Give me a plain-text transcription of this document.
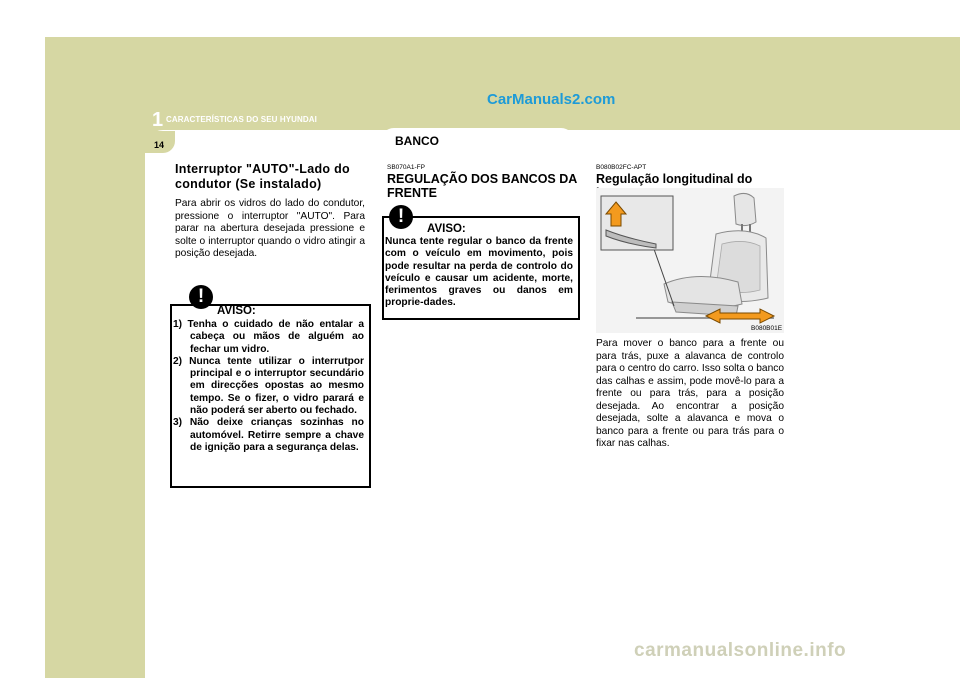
1 CARACTERÍSTICAS DO SEU HYUNDAI
14	BANCO
CarManuals2.com
carmanualsonline.info

Interruptor "AUTO"-Lado do condutor (Se instalado)

Para abrir os vidros do lado do condutor, pressione o interruptor "AUTO". Para parar na abertura desejada pressione e solte o interruptor quando o vidro atingir a posição desejada.

!
AVISO:
1) Tenha o cuidado de não entalar a cabeça ou mãos de alguém ao fechar um vidro.
2) Nunca tente utilizar o interrutpor principal e o interruptor secundário em direcções opostas ao mesmo tempo. Se o fizer, o vidro parará e não poderá ser aberto ou fechado.
3) Não deixe crianças sozinhas no automóvel. Retirre sempre a chave de ignição para a segurança delas.
SB070A1-FP
REGULAÇÃO DOS BANCOS DA FRENTE
!
AVISO:

Nunca tente regular o banco da frente com o veículo em movimento, pois pode resultar na perda de controlo do veículo e causar um acidente, morte, ferimentos graves ou danos em proprie-dades.

B080B02FC-APT
Regulação longitudinal do
B080B01E

Para mover o banco para a frente ou para trás, puxe a alavanca de controlo para o centro do carro. Isso solta o banco das calhas e assim, pode movê-lo para a frente ou para trás, para a posição desejada. Ao encontrar a posição desejada, solte a alavanca e mova o banco para a frente ou para trás para o fixar nas calhas.
